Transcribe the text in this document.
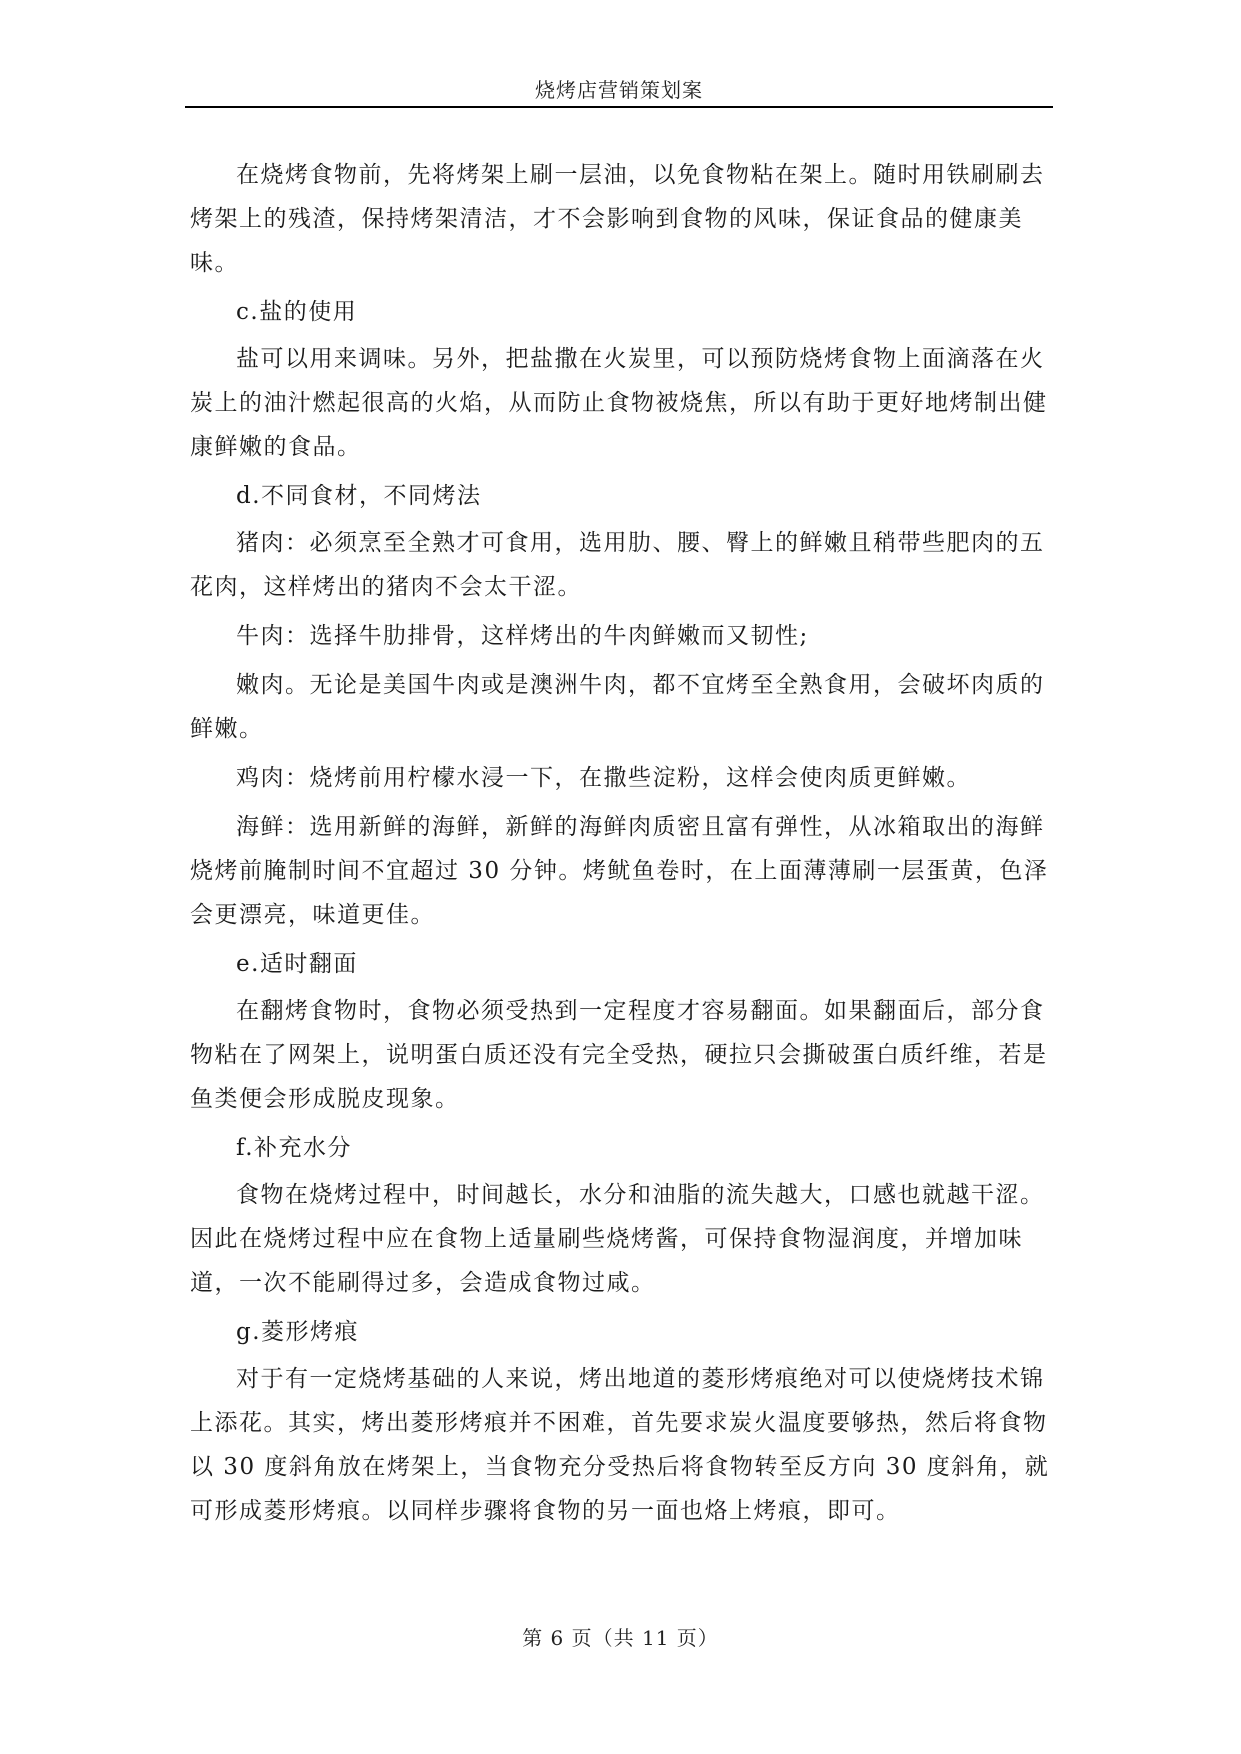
烧烤店营销策划案

在烧烤食物前，先将烤架上刷一层油，以免食物粘在架上。随时用铁刷刷去烤架上的残渣，保持烤架清洁，才不会影响到食物的风味，保证食品的健康美味。

c.盐的使用

盐可以用来调味。另外，把盐撒在火炭里，可以预防烧烤食物上面滴落在火炭上的油汁燃起很高的火焰，从而防止食物被烧焦，所以有助于更好地烤制出健康鲜嫩的食品。

d.不同食材，不同烤法

猪肉：必须烹至全熟才可食用，选用肋、腰、臀上的鲜嫩且稍带些肥肉的五花肉，这样烤出的猪肉不会太干涩。

牛肉：选择牛肋排骨，这样烤出的牛肉鲜嫩而又韧性;

嫩肉。无论是美国牛肉或是澳洲牛肉，都不宜烤至全熟食用，会破坏肉质的鲜嫩。

鸡肉：烧烤前用柠檬水浸一下，在撒些淀粉，这样会使肉质更鲜嫩。

海鲜：选用新鲜的海鲜，新鲜的海鲜肉质密且富有弹性，从冰箱取出的海鲜烧烤前腌制时间不宜超过 30 分钟。烤鱿鱼卷时，在上面薄薄刷一层蛋黄，色泽会更漂亮，味道更佳。

e.适时翻面

在翻烤食物时，食物必须受热到一定程度才容易翻面。如果翻面后，部分食物粘在了网架上，说明蛋白质还没有完全受热，硬拉只会撕破蛋白质纤维，若是鱼类便会形成脱皮现象。

f.补充水分

食物在烧烤过程中，时间越长，水分和油脂的流失越大，口感也就越干涩。因此在烧烤过程中应在食物上适量刷些烧烤酱，可保持食物湿润度，并增加味道，一次不能刷得过多，会造成食物过咸。

g.菱形烤痕

对于有一定烧烤基础的人来说，烤出地道的菱形烤痕绝对可以使烧烤技术锦上添花。其实，烤出菱形烤痕并不困难，首先要求炭火温度要够热，然后将食物以 30 度斜角放在烤架上，当食物充分受热后将食物转至反方向 30 度斜角，就可形成菱形烤痕。以同样步骤将食物的另一面也烙上烤痕，即可。

第 6 页（共 11 页）
